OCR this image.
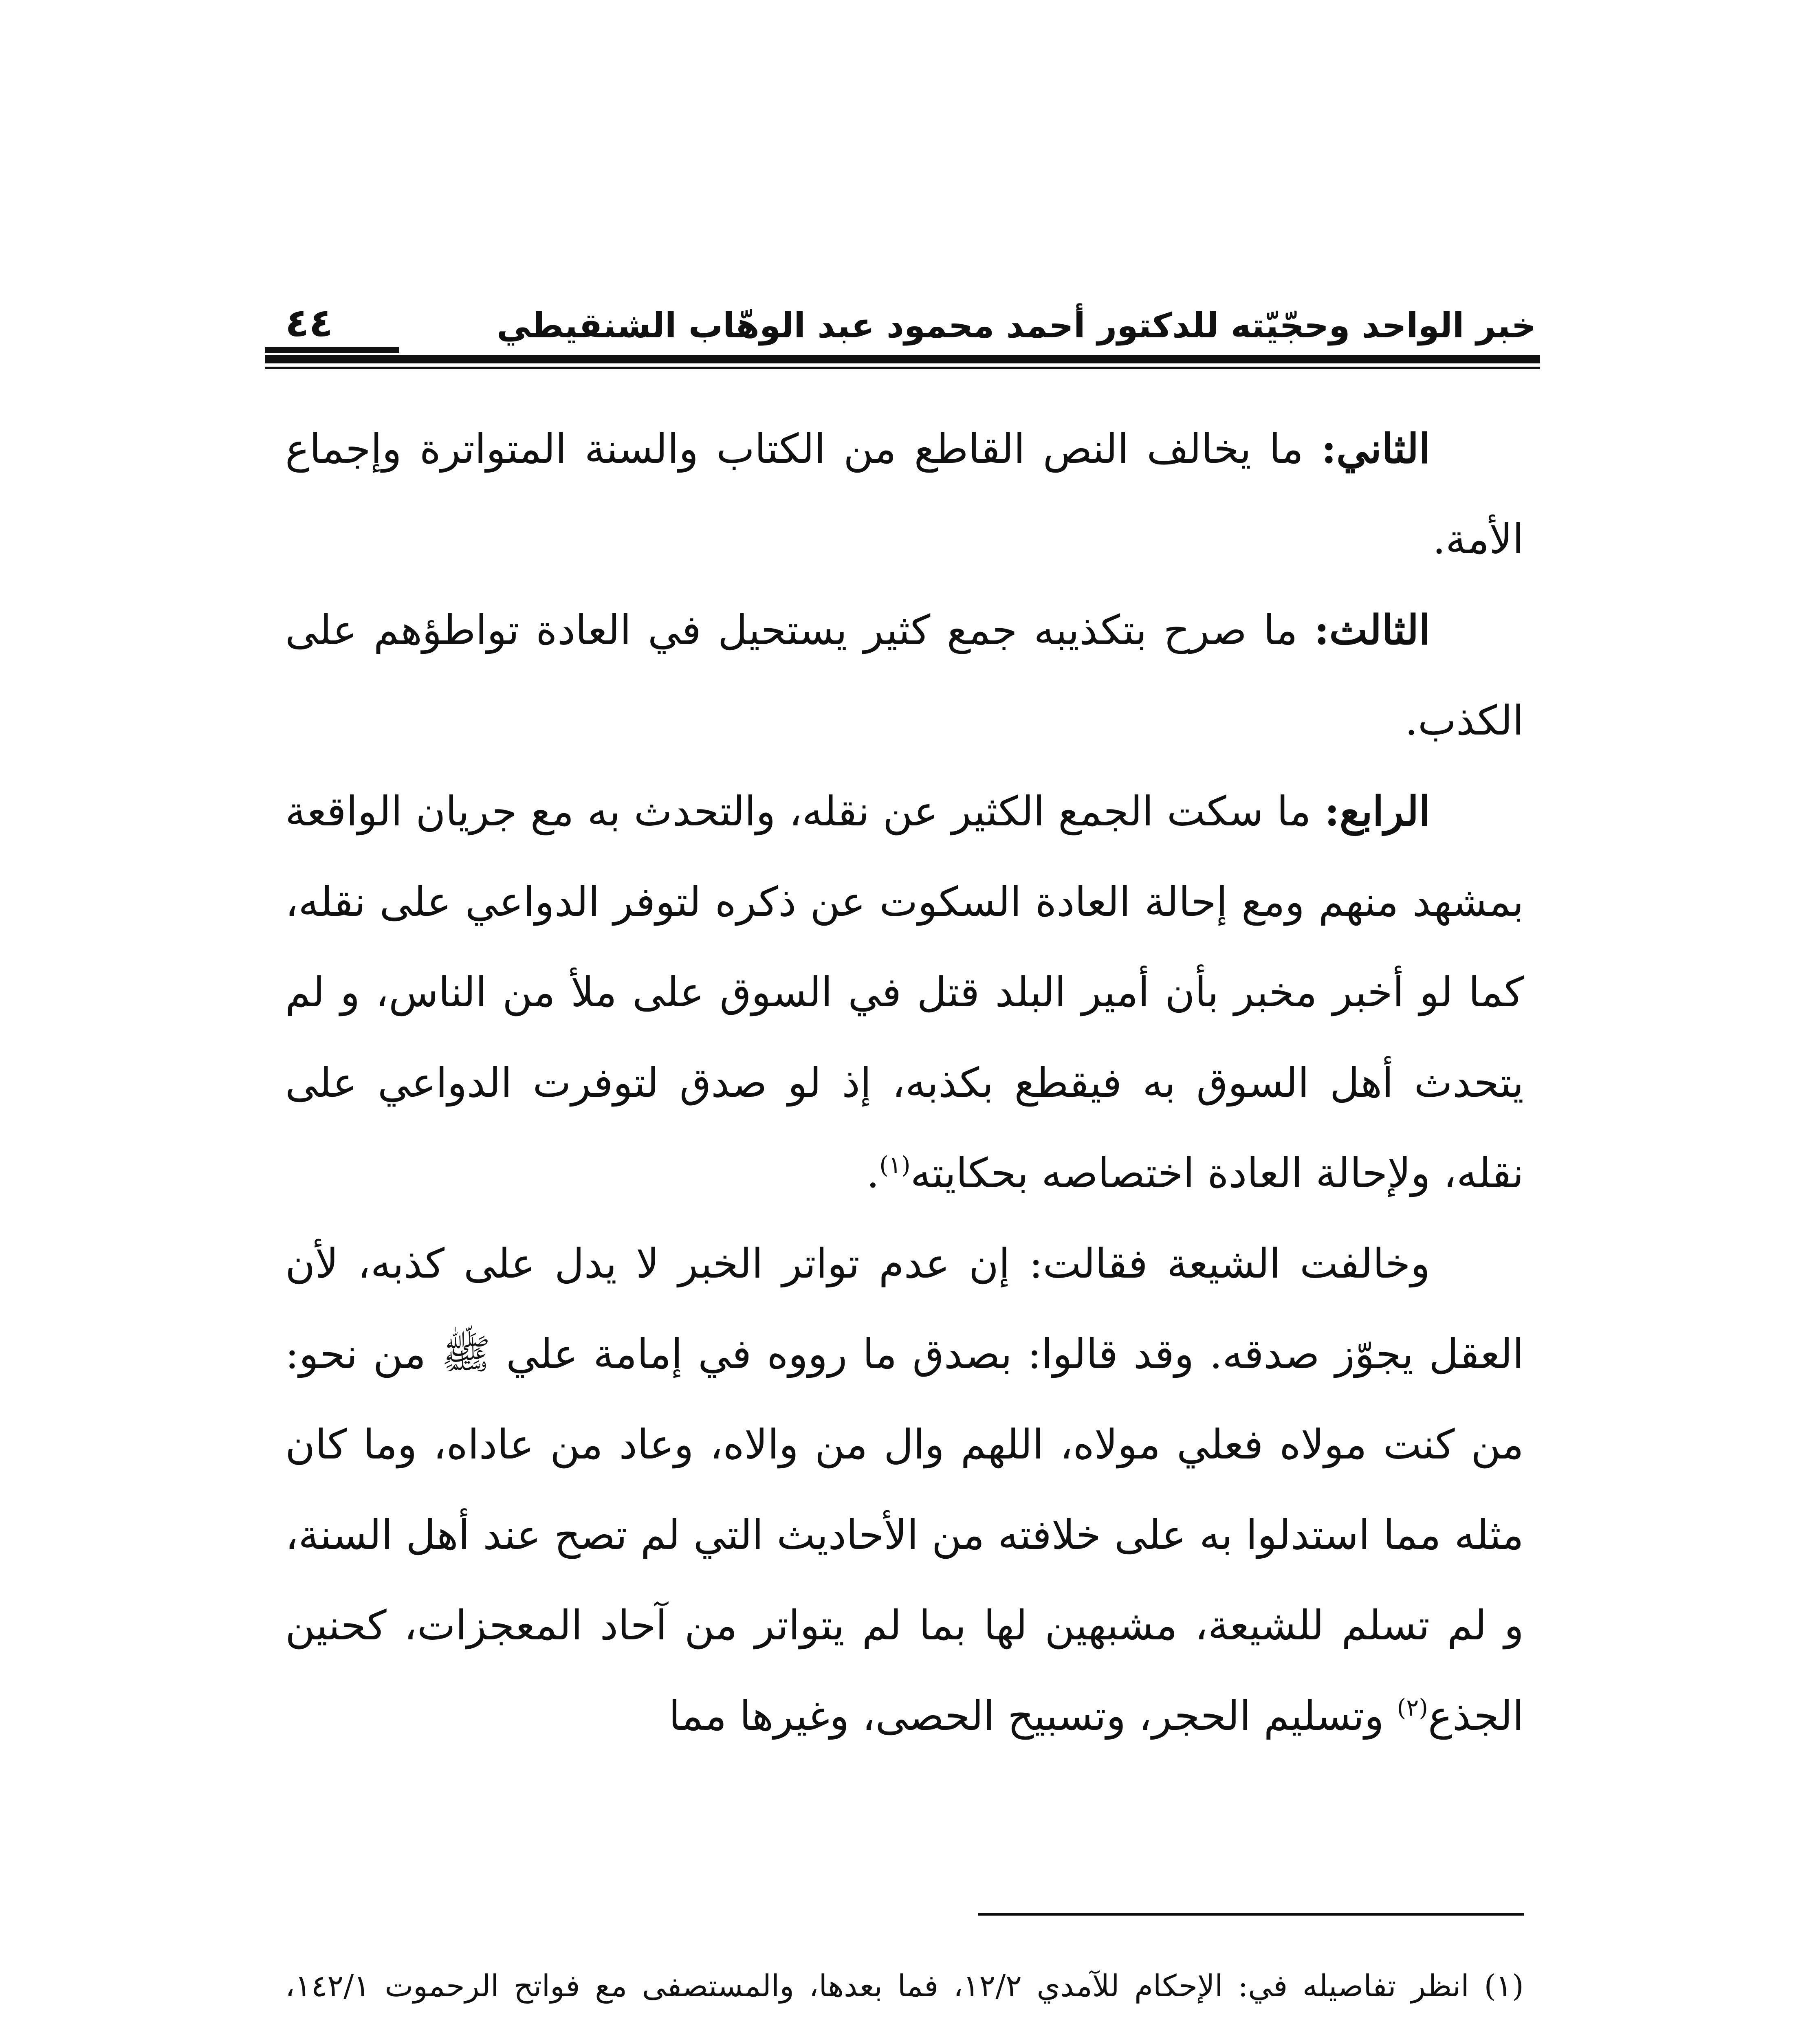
خبر الواحد وحجّيّته للدكتور أحمد محمود عبد الوهّاب الشنقيطي
٤٤

الثاني: ما يخالف النص القاطع من الكتاب والسنة المتواترة وإجماع الأمة.

الثالث: ما صرح بتكذيبه جمع كثير يستحيل في العادة تواطؤهم على الكذب.

الرابع: ما سكت الجمع الكثير عن نقله، والتحدث به مع جريان الواقعة بمشهد منهم ومع إحالة العادة السكوت عن ذكره لتوفر الدواعي على نقله، كما لو أخبر مخبر بأن أمير البلد قتل في السوق على ملأ من الناس، و لم يتحدث أهل السوق به فيقطع بكذبه، إذ لو صدق لتوفرت الدواعي على نقله، ولإحالة العادة اختصاصه بحكايته$^{(١)}$.

وخالفت الشيعة فقالت: إن عدم تواتر الخبر لا يدل على كذبه، لأن العقل يجوّز صدقه. وقد قالوا: بصدق ما رووه في إمامة علي ﷺ من نحو: من كنت مولاه فعلي مولاه، اللهم وال من والاه، وعاد من عاداه، وما كان مثله مما استدلوا به على خلافته من الأحاديث التي لم تصح عند أهل السنة، و لم تسلم للشيعة، مشبهين لها بما لم يتواتر من آحاد المعجزات، كحنين الجذع$^{(٢)}$ وتسليم الحجر، وتسبيح الحصى، وغيرها مما

(١) انظر تفاصيله في: الإحكام للآمدي ١٢/٢، فما بعدها، والمستصفى مع فواتح الرحموت ١٤٢/١،
